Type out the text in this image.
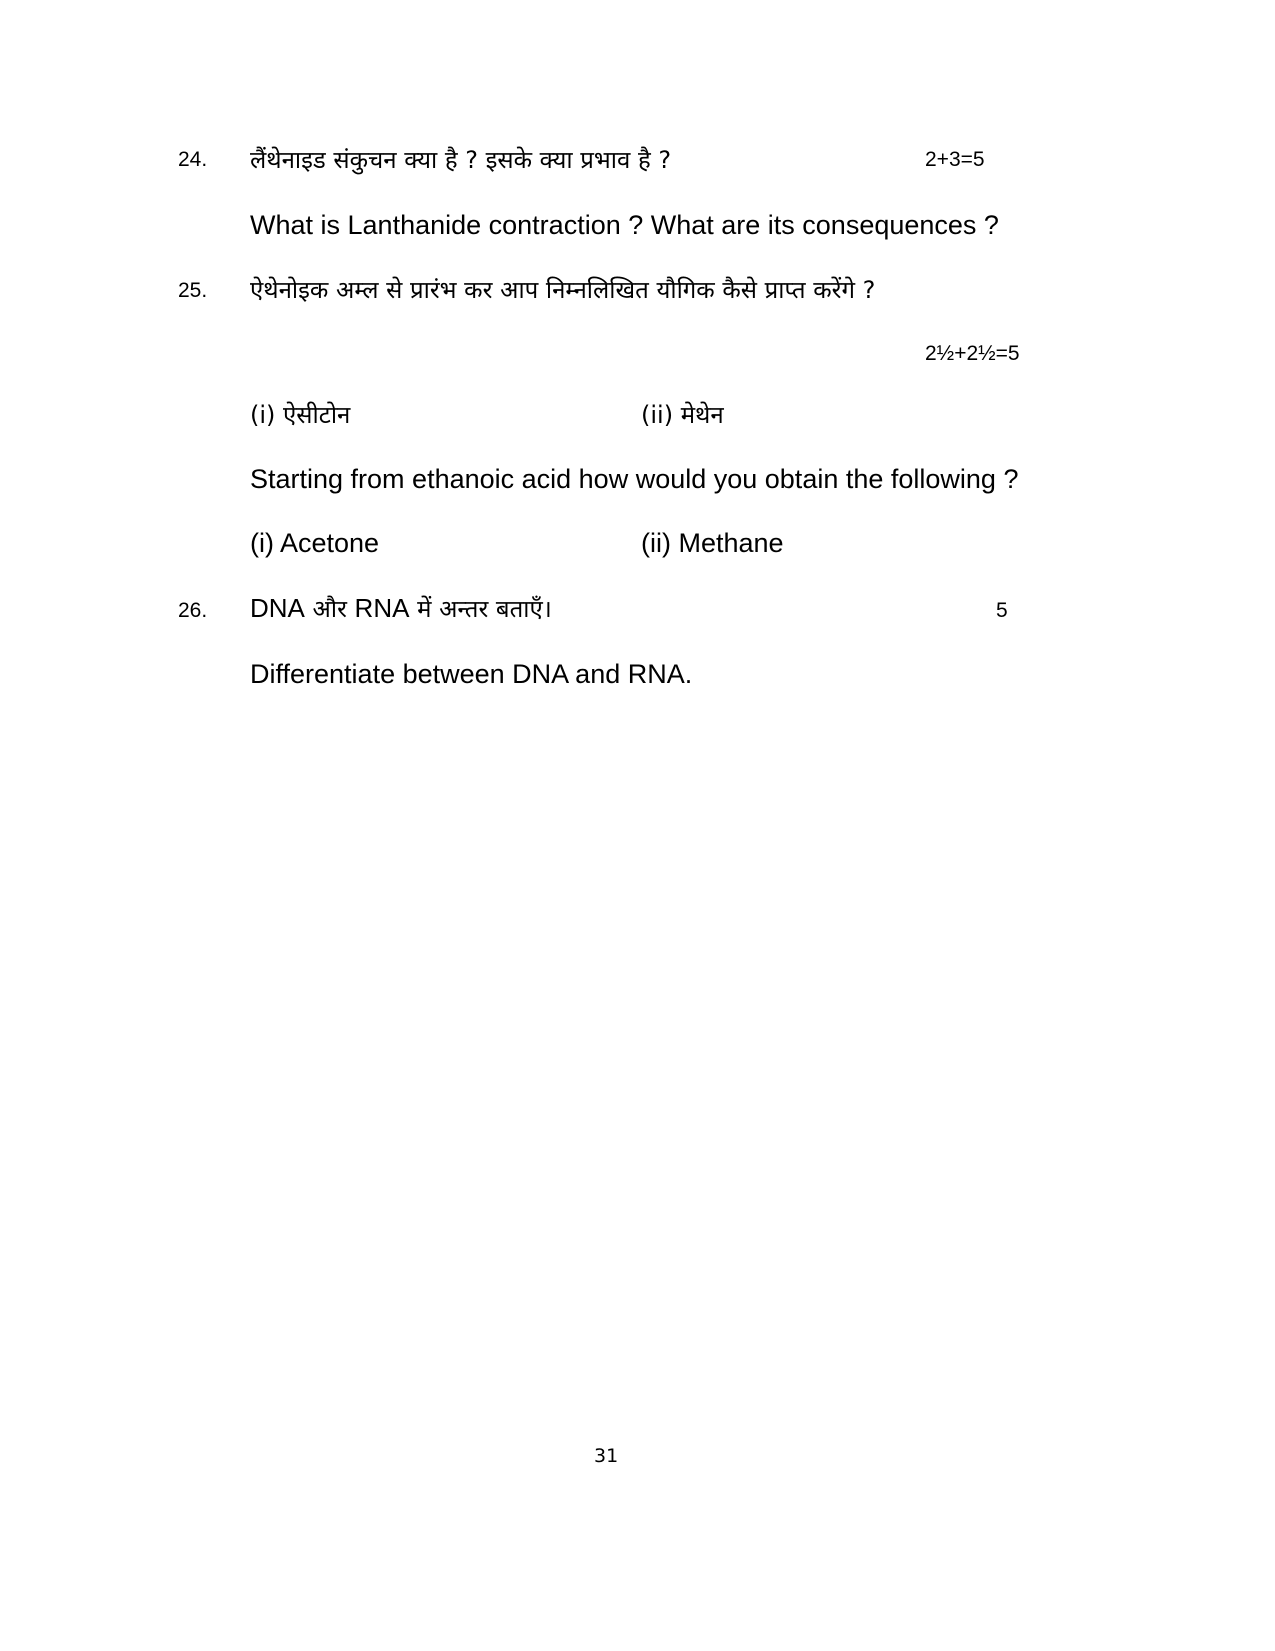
24. लैंथेनाइड संकुचन क्या है ? इसके क्या प्रभाव है ?	2+3=5
What is Lanthanide contraction ? What are its consequences ?
25. ऐथेनोइक अम्ल से प्रारंभ कर आप निम्नलिखित यौगिक कैसे प्राप्त करेंगे ?
2½+2½=5
(i) ऐसीटोन	(ii) मेथेन
Starting from ethanoic acid how would you obtain the following ?
(i) Acetone	(ii) Methane
26. DNA और RNA में अन्तर बताएँ।	5
Differentiate between DNA and RNA.
31
